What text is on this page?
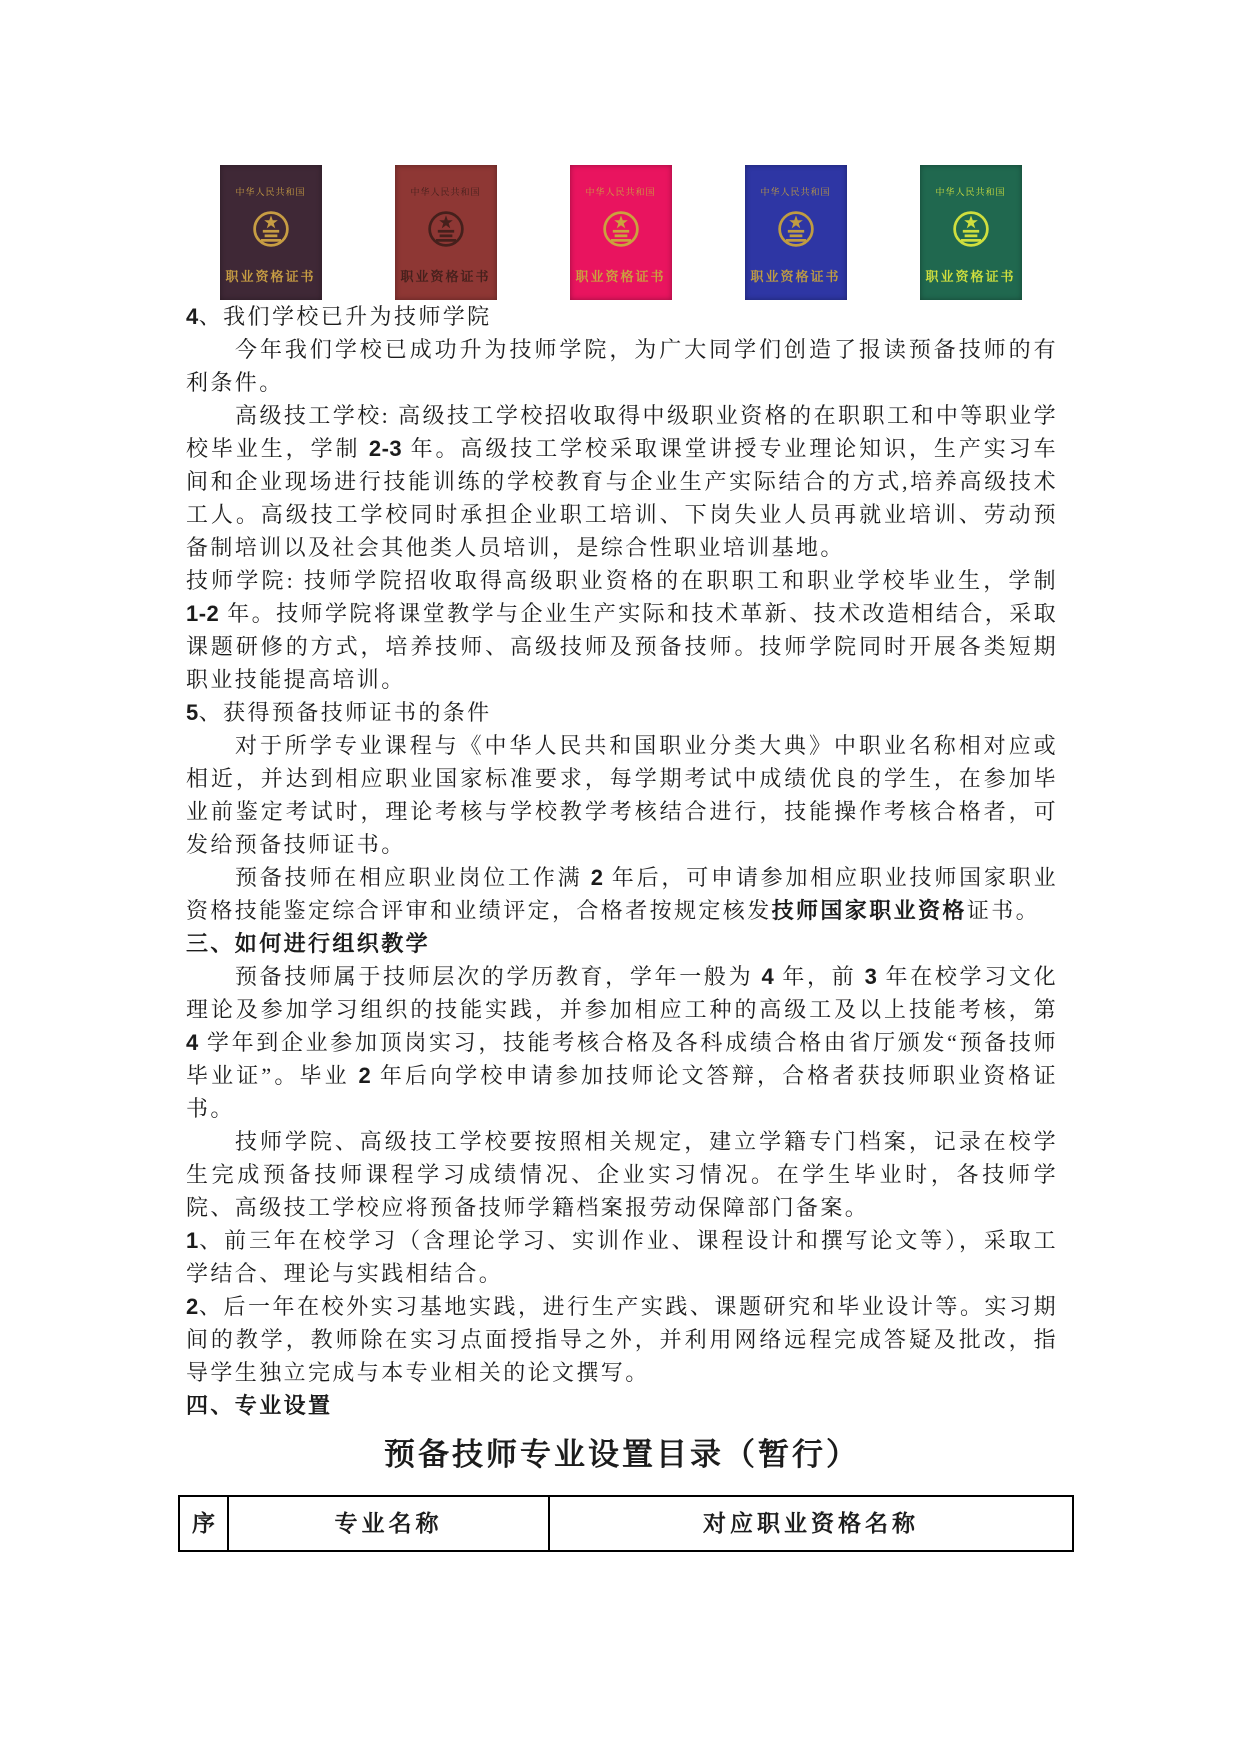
中华人民共和国
职业资格证书
中华人民共和国
职业资格证书
中华人民共和国
职业资格证书
中华人民共和国
职业资格证书
中华人民共和国
职业资格证书

4、我们学校已升为技师学院

今年我们学校已成功升为技师学院，为广大同学们创造了报读预备技师的有利条件。

高级技工学校: 高级技工学校招收取得中级职业资格的在职职工和中等职业学校毕业生，学制 2-3 年。高级技工学校采取课堂讲授专业理论知识，生产实习车间和企业现场进行技能训练的学校教育与企业生产实际结合的方式,培养高级技术工人。高级技工学校同时承担企业职工培训、下岗失业人员再就业培训、劳动预备制培训以及社会其他类人员培训，是综合性职业培训基地。

技师学院: 技师学院招收取得高级职业资格的在职职工和职业学校毕业生，学制 1-2 年。技师学院将课堂教学与企业生产实际和技术革新、技术改造相结合，采取课题研修的方式，培养技师、高级技师及预备技师。技师学院同时开展各类短期职业技能提高培训。

5、获得预备技师证书的条件

对于所学专业课程与《中华人民共和国职业分类大典》中职业名称相对应或相近，并达到相应职业国家标准要求，每学期考试中成绩优良的学生，在参加毕业前鉴定考试时，理论考核与学校教学考核结合进行，技能操作考核合格者，可发给预备技师证书。

预备技师在相应职业岗位工作满 2 年后，可申请参加相应职业技师国家职业资格技能鉴定综合评审和业绩评定，合格者按规定核发技师国家职业资格证书。

三、如何进行组织教学

预备技师属于技师层次的学历教育，学年一般为 4 年，前 3 年在校学习文化理论及参加学习组织的技能实践，并参加相应工种的高级工及以上技能考核，第 4 学年到企业参加顶岗实习，技能考核合格及各科成绩合格由省厅颁发“预备技师毕业证”。毕业 2 年后向学校申请参加技师论文答辩，合格者获技师职业资格证书。

技师学院、高级技工学校要按照相关规定，建立学籍专门档案，记录在校学生完成预备技师课程学习成绩情况、企业实习情况。在学生毕业时，各技师学院、高级技工学校应将预备技师学籍档案报劳动保障部门备案。

1、前三年在校学习（含理论学习、实训作业、课程设计和撰写论文等），采取工学结合、理论与实践相结合。

2、后一年在校外实习基地实践，进行生产实践、课题研究和毕业设计等。实习期间的教学，教师除在实习点面授指导之外，并利用网络远程完成答疑及批改，指导学生独立完成与本专业相关的论文撰写。

四、专业设置

预备技师专业设置目录（暂行）
序	专业名称	对应职业资格名称
